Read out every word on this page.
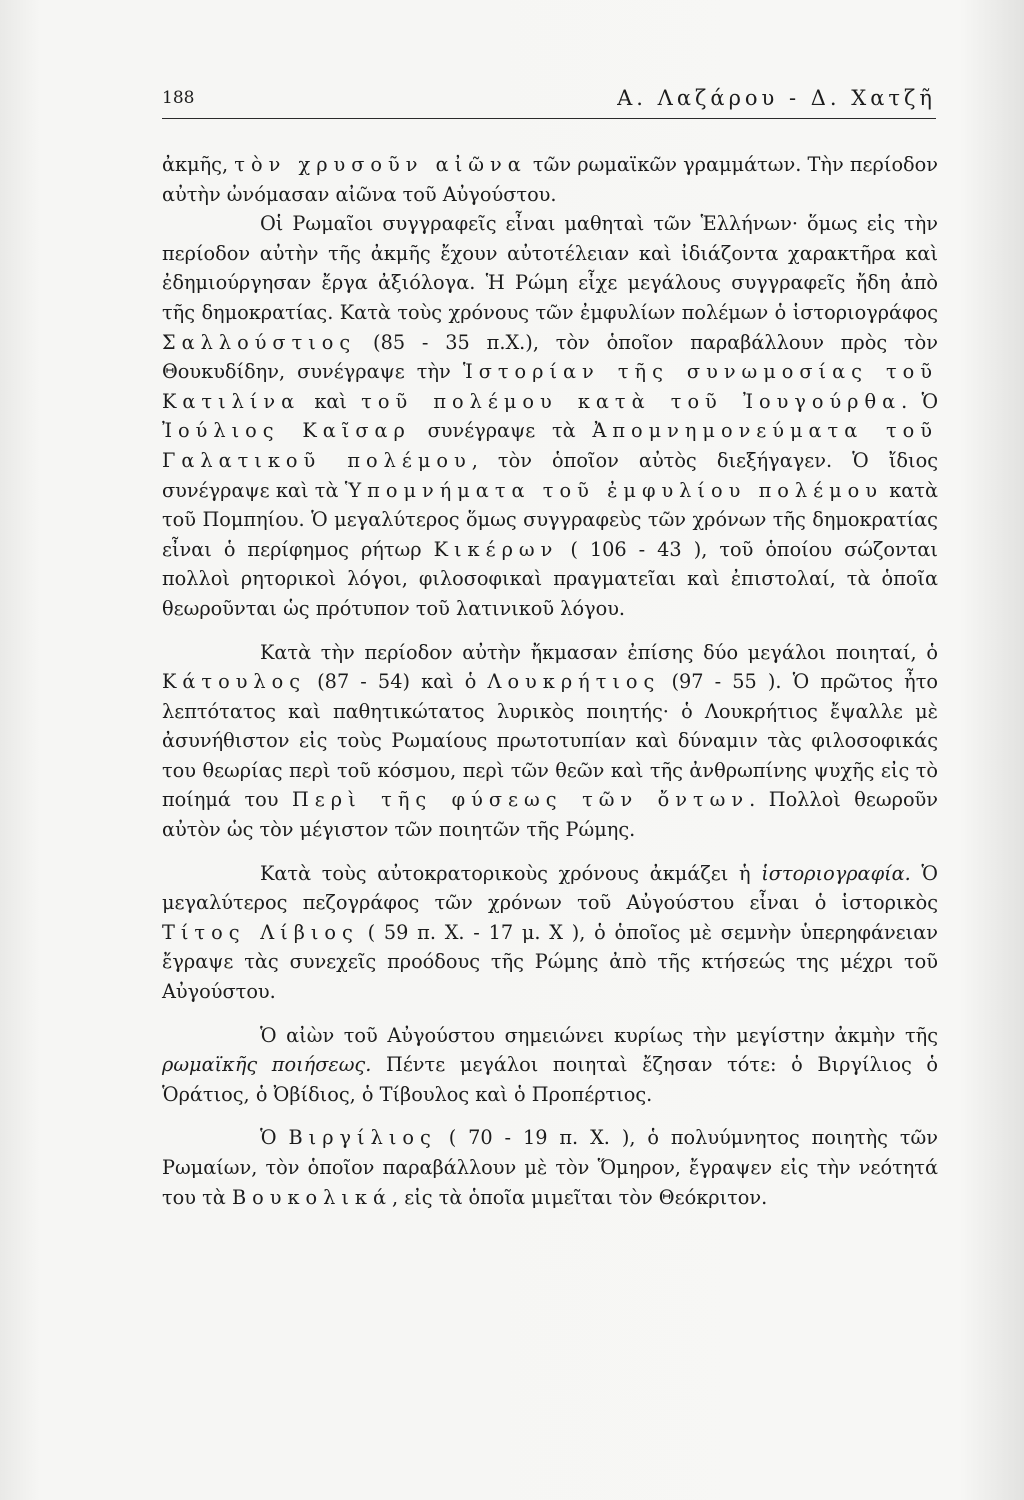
188	Α. Λαζάρου - Δ. Χατζῆ

ἀκμῆς, τὸν χρυσοῦν αἰῶνα τῶν ρωμαϊκῶν γραμμάτων. Τὴν περίοδον αὐτὴν ὠνόμασαν αἰῶνα τοῦ Αὐγούστου.

Οἱ Ρωμαῖοι συγγραφεῖς εἶναι μαθηταὶ τῶν Ἑλλήνων· ὅμως εἰς τὴν περίοδον αὐτὴν τῆς ἀκμῆς ἔχουν αὐτοτέλειαν καὶ ἰδιάζοντα χαρακτῆρα καὶ ἐδημιούργησαν ἔργα ἀξιόλογα. Ἡ Ρώμη εἶχε μεγάλους συγγραφεῖς ἤδη ἀπὸ τῆς δημοκρατίας. Κατὰ τοὺς χρόνους τῶν ἐμφυλίων πολέμων ὁ ἱστοριογράφος Σαλλούστιος (85 - 35 π.Χ.), τὸν ὁποῖον παραβάλλουν πρὸς τὸν Θουκυδίδην, συνέγραψε τὴν Ἱστορίαν τῆς συνωμοσίας τοῦ Κατιλίνα καὶ τοῦ πολέμου κατὰ τοῦ Ἰουγούρθα. Ὁ Ἰούλιος Καῖσαρ συνέγραψε τὰ Ἀπομνημονεύματα τοῦ Γαλατικοῦ πολέμου, τὸν ὁποῖον αὐτὸς διεξήγαγεν. Ὁ ἴδιος συνέγραψε καὶ τὰ Ὑπομνήματα τοῦ ἐμφυλίου πολέμου κατὰ τοῦ Πομπηίου. Ὁ μεγαλύτερος ὅμως συγγραφεὺς τῶν χρόνων τῆς δημοκρατίας εἶναι ὁ περίφημος ρήτωρ Κικέρων ( 106 - 43 ), τοῦ ὁποίου σώζονται πολλοὶ ρητορικοὶ λόγοι, φιλοσοφικαὶ πραγματεῖαι καὶ ἐπιστολαί, τὰ ὁποῖα θεωροῦνται ὡς πρότυπον τοῦ λατινικοῦ λόγου.

Κατὰ τὴν περίοδον αὐτὴν ἤκμασαν ἐπίσης δύο μεγάλοι ποιηταί, ὁ Κάτουλος (87 - 54) καὶ ὁ Λουκρήτιος (97 - 55 ). Ὁ πρῶτος ἦτο λεπτότατος καὶ παθητικώτατος λυρικὸς ποιητής· ὁ Λουκρήτιος ἔψαλλε μὲ ἀσυνήθιστον εἰς τοὺς Ρωμαίους πρωτοτυπίαν καὶ δύναμιν τὰς φιλοσοφικάς του θεωρίας περὶ τοῦ κόσμου, περὶ τῶν θεῶν καὶ τῆς ἀνθρωπίνης ψυχῆς εἰς τὸ ποίημά του Περὶ τῆς φύσεως τῶν ὄντων. Πολλοὶ θεωροῦν αὐτὸν ὡς τὸν μέγιστον τῶν ποιητῶν τῆς Ρώμης.

Κατὰ τοὺς αὐτοκρατορικοὺς χρόνους ἀκμάζει ἡ ἱστοριογραφία. Ὁ μεγαλύτερος πεζογράφος τῶν χρόνων τοῦ Αὐγούστου εἶναι ὁ ἱστορικὸς Τίτος Λίβιος ( 59 π. Χ. - 17 μ. Χ ), ὁ ὁποῖος μὲ σεμνὴν ὑπερηφάνειαν ἔγραψε τὰς συνεχεῖς προόδους τῆς Ρώμης ἀπὸ τῆς κτήσεώς της μέχρι τοῦ Αὐγούστου.

Ὁ αἰὼν τοῦ Αὐγούστου σημειώνει κυρίως τὴν μεγίστην ἀκμὴν τῆς ρωμαϊκῆς ποιήσεως. Πέντε μεγάλοι ποιηταὶ ἔζησαν τότε: ὁ Βιργίλιος ὁ Ὁράτιος, ὁ Ὀβίδιος, ὁ Τίβουλος καὶ ὁ Προπέρτιος.

Ὁ Βιργίλιος ( 70 - 19 π. Χ. ), ὁ πολυύμνητος ποιητὴς τῶν Ρωμαίων, τὸν ὁποῖον παραβάλλουν μὲ τὸν Ὅμηρον, ἔγραψεν εἰς τὴν νεότητά του τὰ Βουκολικά, εἰς τὰ ὁποῖα μιμεῖται τὸν Θεόκριτον.
